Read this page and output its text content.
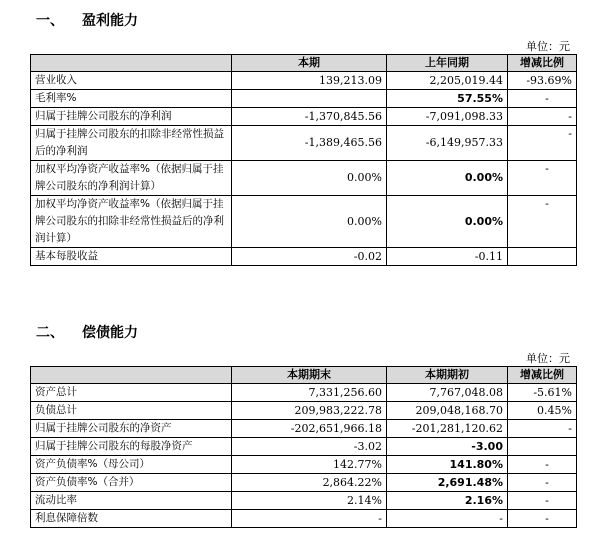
一、 盈利能力
单位：元
	本期	上年同期	增减比例
营业收入	139,213.09	2,205,019.44	-93.69%
毛利率%		57.55%	-
归属于挂牌公司股东的净利润	-1,370,845.56	-7,091,098.33	-
归属于挂牌公司股东的扣除非经常性损益后的净利润	-1,389,465.56	-6,149,957.33	-
加权平均净资产收益率%（依据归属于挂牌公司股东的净利润计算）	0.00%	0.00%	-
加权平均净资产收益率%（依据归属于挂牌公司股东的扣除非经常性损益后的净利润计算）	0.00%	0.00%	-
基本每股收益	-0.02	-0.11	
二、 偿债能力
单位：元
	本期期末	本期期初	增减比例
资产总计	7,331,256.60	7,767,048.08	-5.61%
负债总计	209,983,222.78	209,048,168.70	0.45%
归属于挂牌公司股东的净资产	-202,651,966.18	-201,281,120.62	-
归属于挂牌公司股东的每股净资产	-3.02	-3.00	
资产负债率%（母公司）	142.77%	141.80%	-
资产负债率%（合并）	2,864.22%	2,691.48%	-
流动比率	2.14%	2.16%	-
利息保障倍数	-	-	-
